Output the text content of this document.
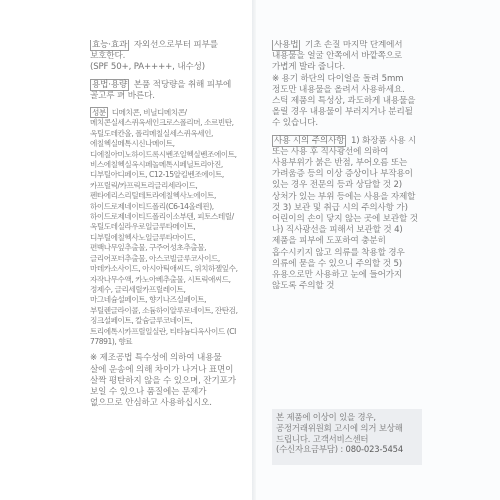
효능·효과 자외선으로부터 피부를 보호한다.
(SPF 50+, PA++++, 내수성)

용법·용량 본품 적당량을 취해 피부에 골고루 펴 바른다.

성분 디메치콘, 비닐디메치콘/메치콘실세스퀴옥세인크로스폴리머, 소르빈탄, 옥틸도데칸올, 폴리메칠실세스퀴옥세인, 에칠헥실메톡시신나메이트, 디에칠아미노하이드록시벤조일헥실벤조에이트, 비스에칠헥실옥시페놀메톡시페닐트리아진, 디부틸아디페이트, C12-15알킬벤조에이트, 카프릴릭/카프릭트리글리세라이드, 펜타에리스리틸테트라에칠헥사노에이트, 하이드로제네이티드폴리(C6-14올레핀), 하이드로제네이티드폴리이소부텐, 피토스테릴/옥틸도데실라우로일글루타메이트, 디부틸에칠헥사노일글루타마이드, 편백나무잎추출물, 구주어성초추출물, 글리어포터추출물, 아스코빌글루코사이드, 마데카소사이드, 아시아틱애씨드, 위치하젤잎수, 자작나무수액, 카노아베추출물, 시트릭애씨드, 정제수, 글리세릴카프릴레이트, 마그네슘설페이트, 향기나즈실페이트, 부틸렌글라이콜, 소듐하이알루로네이트, 잔탄검, 징크설페이트, 칼슘글루코네이트, 트리에톡시카프릴일실란, 티타늄디옥사이드 (CI 77891), 향료

※ 제조공법 특수성에 의하여 내용물 살에 운송에 의해 차이가 나거나 표면이 살짝 평탄하지 않을 수 있으며, 잔기포가 보일 수 있으나 품질에는 문제가 없으므로 안심하고 사용하십시오.

사용법 기초 손질 마지막 단계에서 내용물을 얼굴 안쪽에서 바깥쪽으로 가볍게 발라 줍니다.
※ 용기 하단의 다이얼을 돌려 5mm 정도만 내용물을 올려서 사용하세요. 스틱 제품의 특성상, 과도하게 내용물을 올릴 경우 내용물이 부러지거나 분리될 수 있습니다.

사용 시의 주의사항 1) 화장품 사용 시 또는 사용 후 직사광선에 의하여 사용부위가 붉은 반점, 부어오름 또는 가려움증 등의 이상 증상이나 부작용이 있는 경우 전문의 등과 상담할 것 2) 상처가 있는 부위 등에는 사용을 자제할 것 3) 보관 및 취급 시의 주의사항 가) 어린이의 손이 닿지 않는 곳에 보관할 것 나) 직사광선을 피해서 보관할 것 4) 제품을 피부에 도포하여 충분히 흡수시키지 않고 의류를 착용할 경우 의류에 묻을 수 있으니 주의할 것 5) 유용으로만 사용하고 눈에 들어가지 않도록 주의할 것

본 제품에 이상이 있을 경우, 공정거래위원회 고시에 의거 보상해 드립니다. 고객서비스센터(수신자요금부담) : 080-023-5454
